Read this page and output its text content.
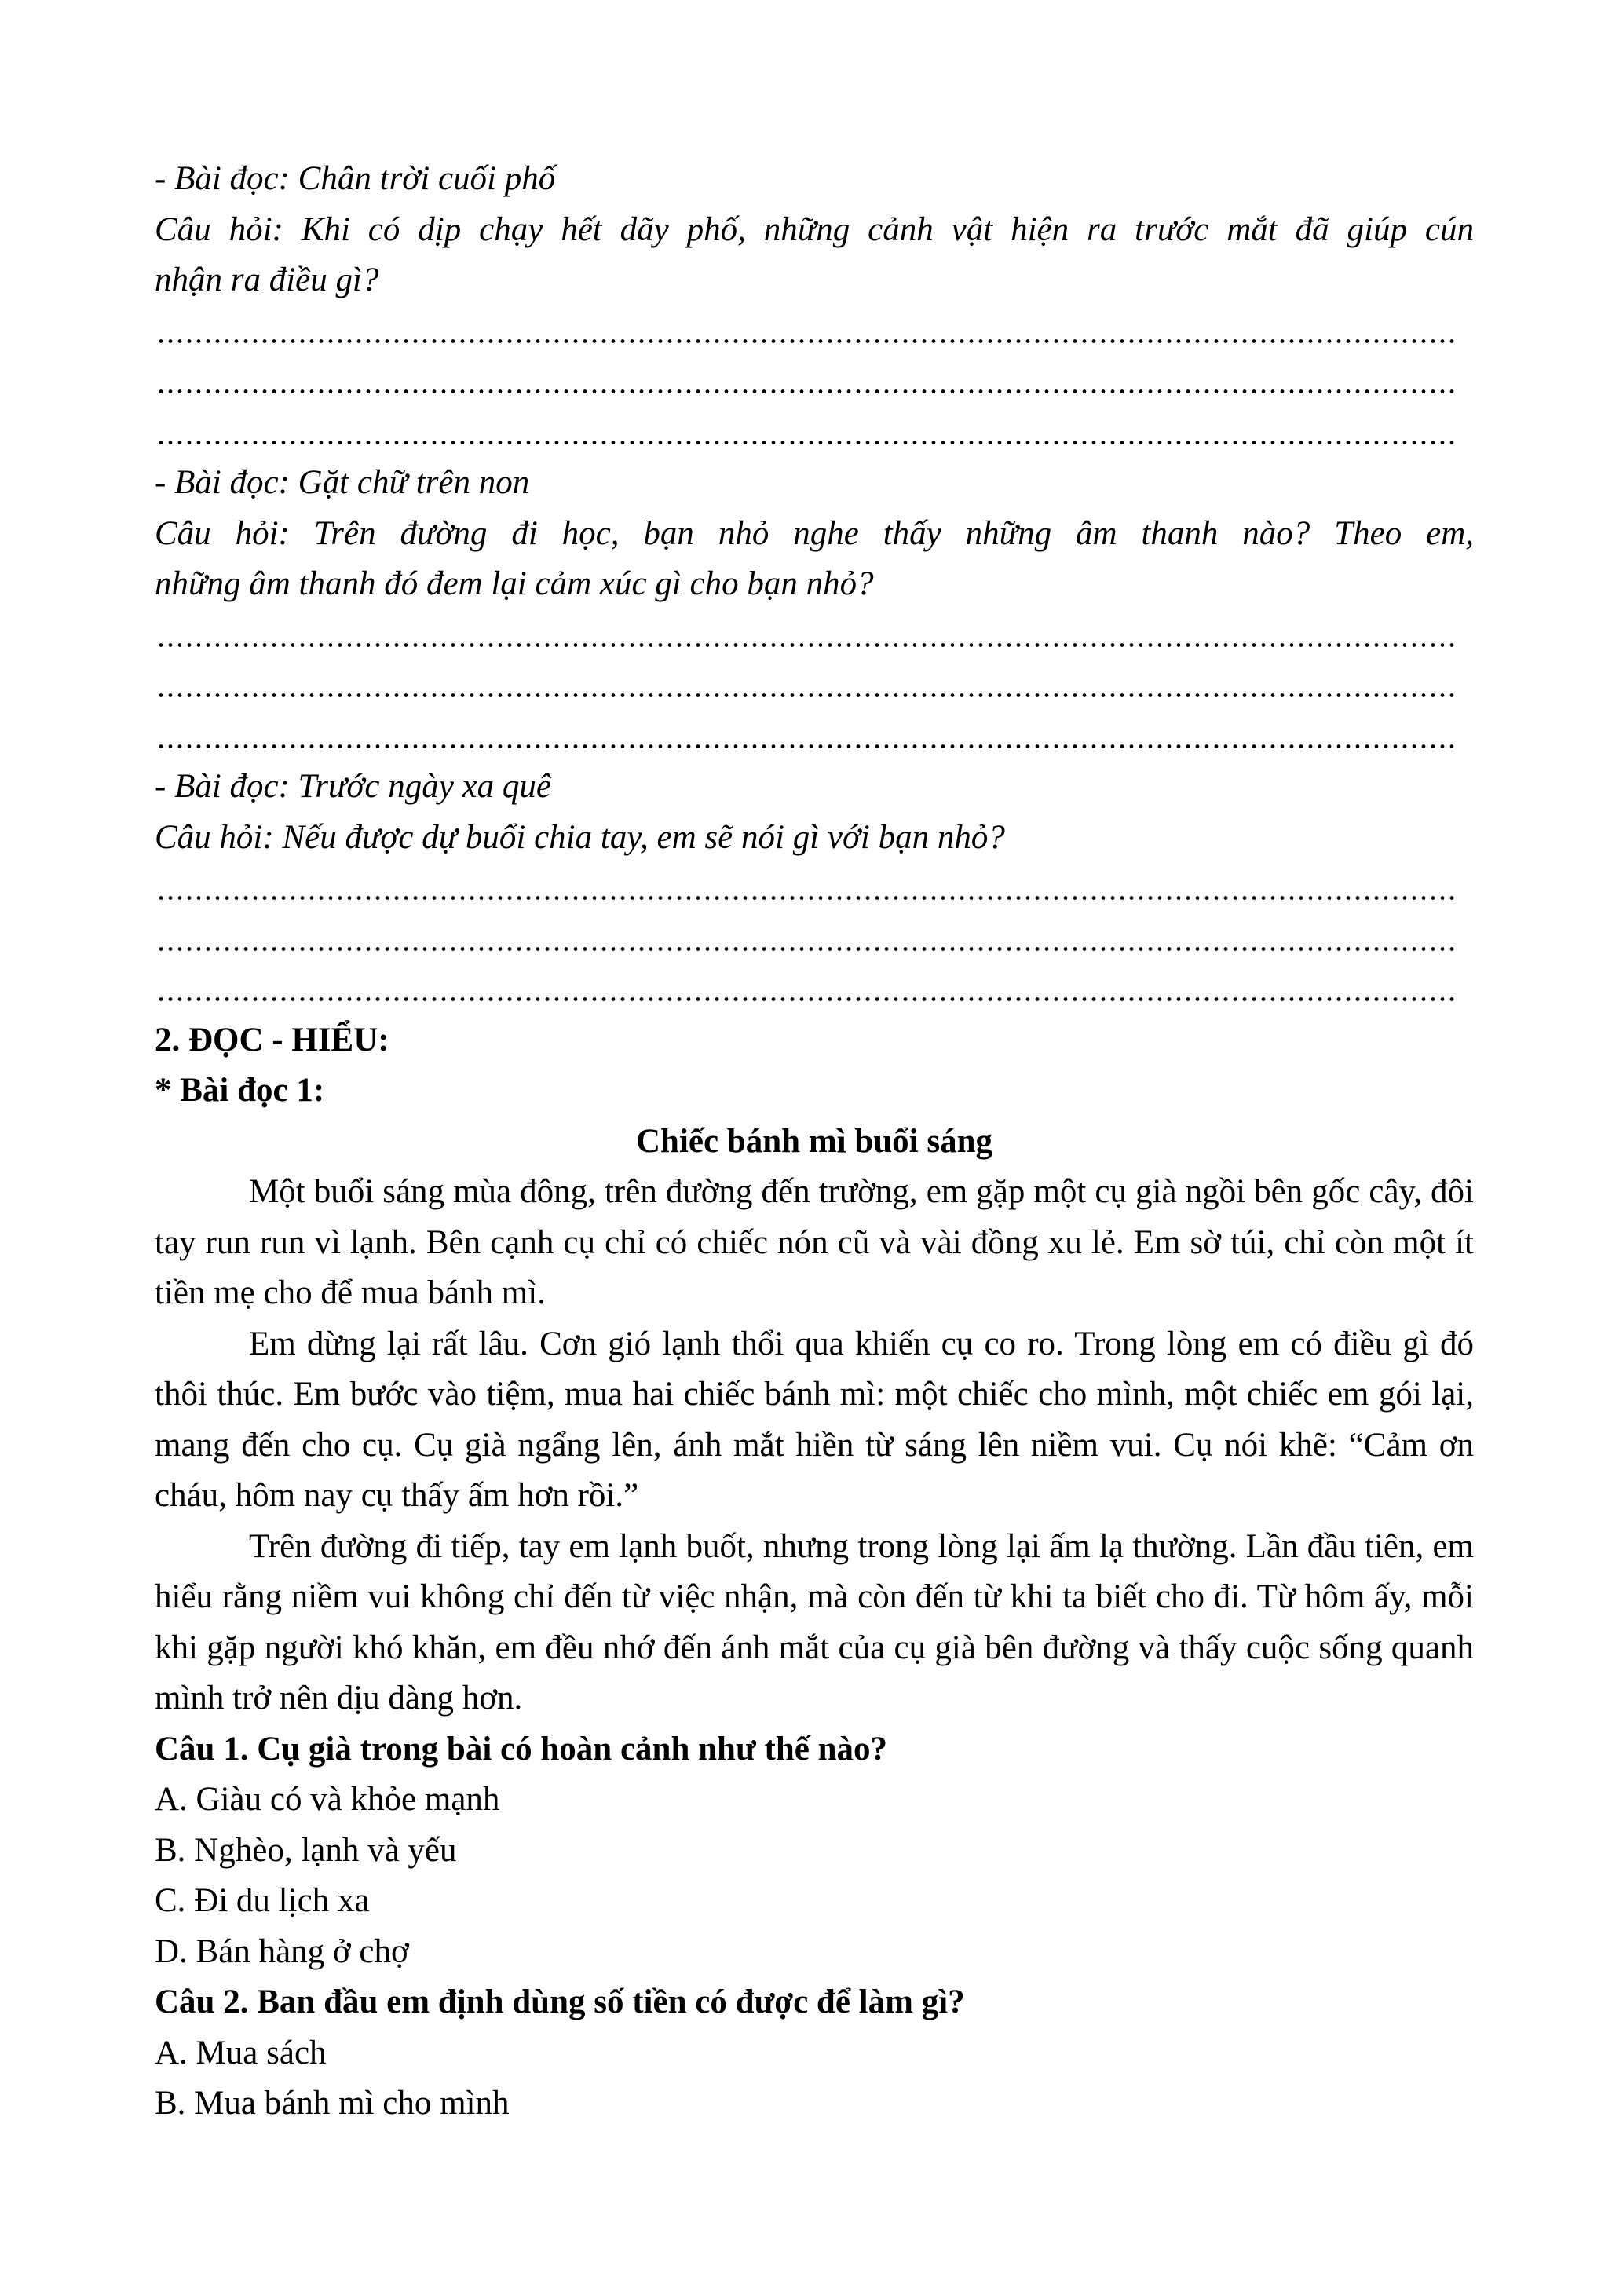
- Bài đọc: Chân trời cuối phố
Câu hỏi: Khi có dịp chạy hết dãy phố, những cảnh vật hiện ra trước mắt đã giúp cún
nhận ra điều gì?
- Bài đọc: Gặt chữ trên non
Câu hỏi: Trên đường đi học, bạn nhỏ nghe thấy những âm thanh nào? Theo em,
những âm thanh đó đem lại cảm xúc gì cho bạn nhỏ?
- Bài đọc: Trước ngày xa quê
Câu hỏi: Nếu được dự buổi chia tay, em sẽ nói gì với bạn nhỏ?
2. ĐỌC - HIỂU:
* Bài đọc 1:
Chiếc bánh mì buổi sáng

Một buổi sáng mùa đông, trên đường đến trường, em gặp một cụ già ngồi bên gốc cây, đôi tay run run vì lạnh. Bên cạnh cụ chỉ có chiếc nón cũ và vài đồng xu lẻ. Em sờ túi, chỉ còn một ít tiền mẹ cho để mua bánh mì.

Em dừng lại rất lâu. Cơn gió lạnh thổi qua khiến cụ co ro. Trong lòng em có điều gì đó thôi thúc. Em bước vào tiệm, mua hai chiếc bánh mì: một chiếc cho mình, một chiếc em gói lại, mang đến cho cụ. Cụ già ngẩng lên, ánh mắt hiền từ sáng lên niềm vui. Cụ nói khẽ: “Cảm ơn cháu, hôm nay cụ thấy ấm hơn rồi.”

Trên đường đi tiếp, tay em lạnh buốt, nhưng trong lòng lại ấm lạ thường. Lần đầu tiên, em hiểu rằng niềm vui không chỉ đến từ việc nhận, mà còn đến từ khi ta biết cho đi. Từ hôm ấy, mỗi khi gặp người khó khăn, em đều nhớ đến ánh mắt của cụ già bên đường và thấy cuộc sống quanh mình trở nên dịu dàng hơn.

Câu 1. Cụ già trong bài có hoàn cảnh như thế nào?
A. Giàu có và khỏe mạnh
B. Nghèo, lạnh và yếu
C. Đi du lịch xa
D. Bán hàng ở chợ
Câu 2. Ban đầu em định dùng số tiền có được để làm gì?
A. Mua sách
B. Mua bánh mì cho mình
